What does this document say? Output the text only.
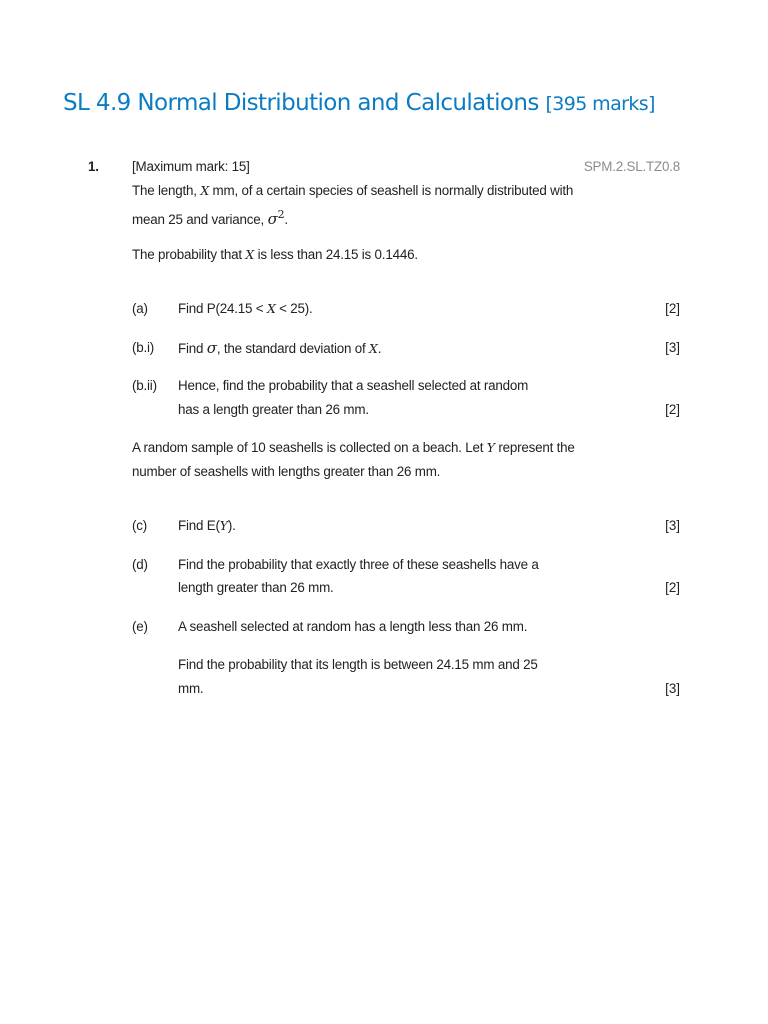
SL 4.9 Normal Distribution and Calculations [395 marks]

1. [Maximum mark: 15]	SPM.2.SL.TZ0.8

The length, X mm, of a certain species of seashell is normally distributed with

mean 25 and variance, $\sigma^2$.

The probability that X is less than 24.15 is 0.1446.

(a) Find P(24.15 < X < 25).	[2]

(b.i) Find σ, the standard deviation of X.	[3]

(b.ii) Hence, find the probability that a seashell selected at random

has a length greater than 26 mm.	[2]

A random sample of 10 seashells is collected on a beach. Let Y represent the

number of seashells with lengths greater than 26 mm.

(c) Find E(Y).	[3]

(d) Find the probability that exactly three of these seashells have a

length greater than 26 mm.	[2]

(e) A seashell selected at random has a length less than 26 mm.

Find the probability that its length is between 24.15 mm and 25

mm.	[3]
